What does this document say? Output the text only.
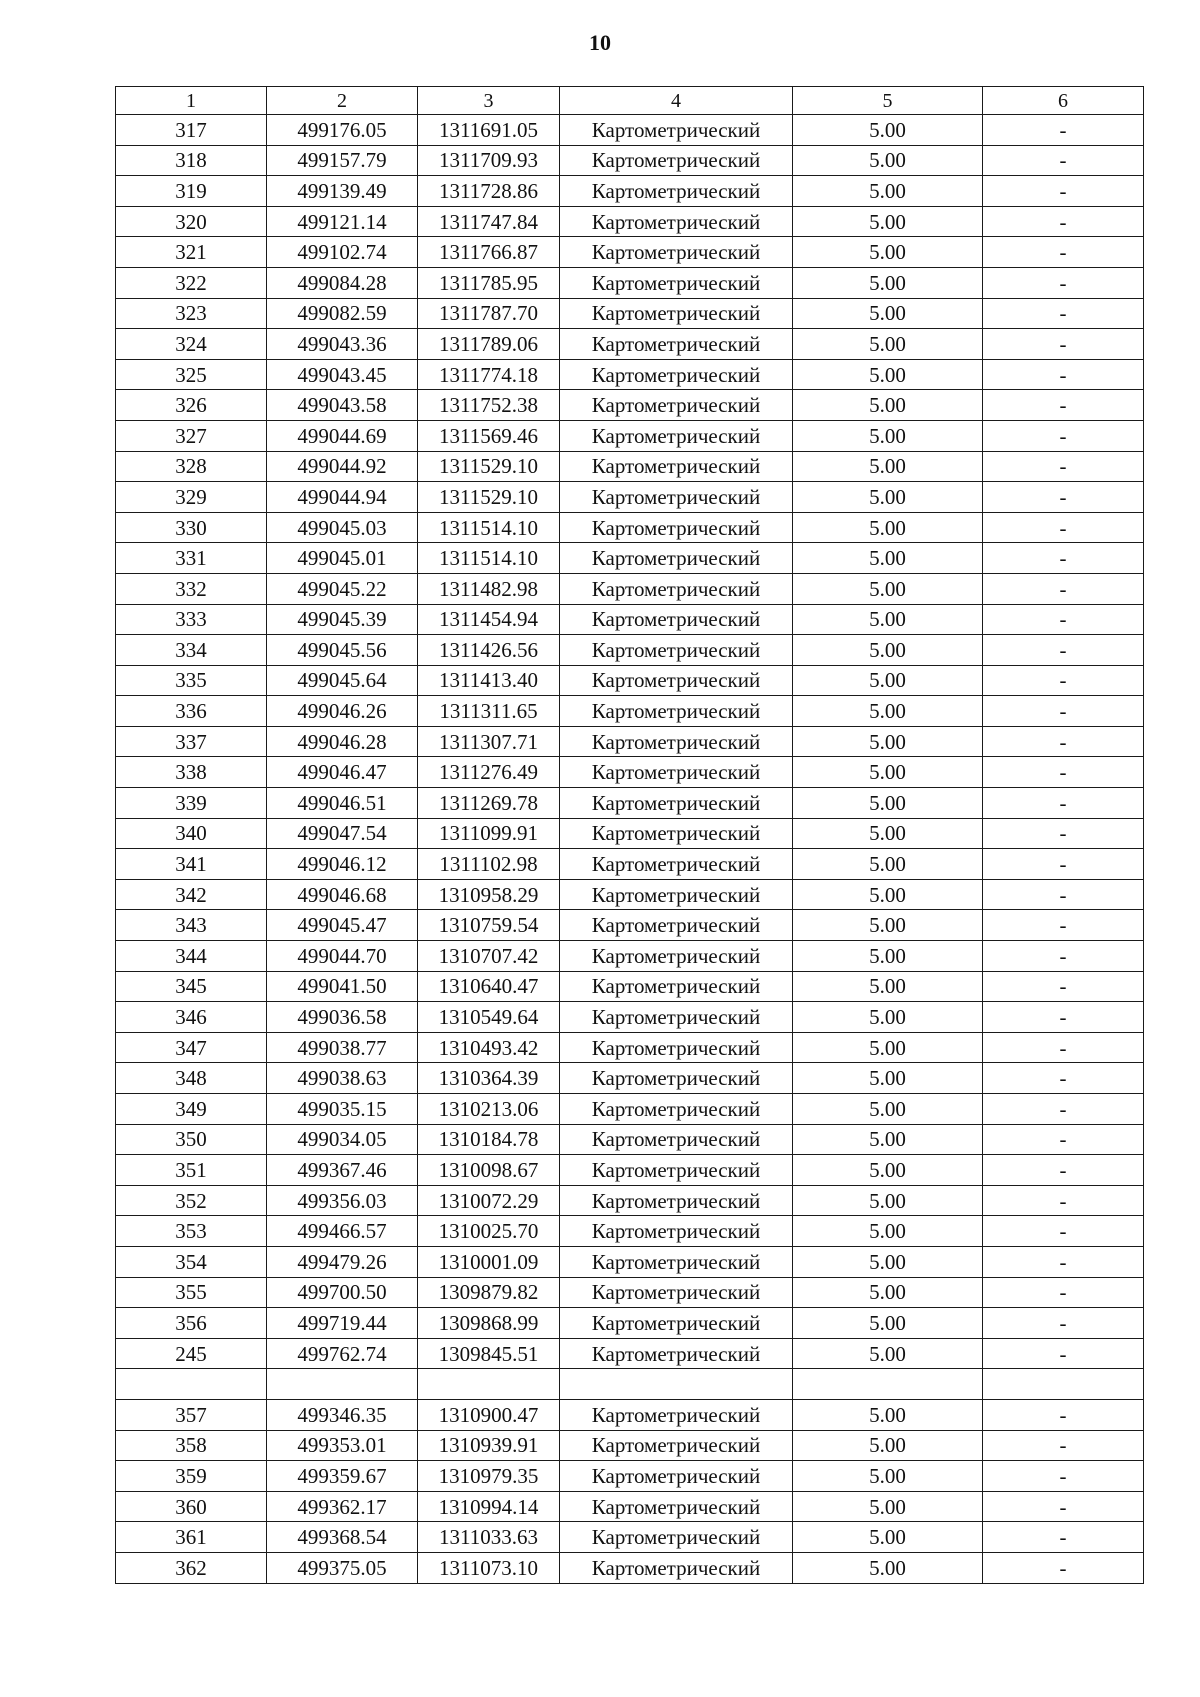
10
1	2	3	4	5	6
317	499176.05	1311691.05	Картометрический	5.00	-
318	499157.79	1311709.93	Картометрический	5.00	-
319	499139.49	1311728.86	Картометрический	5.00	-
320	499121.14	1311747.84	Картометрический	5.00	-
321	499102.74	1311766.87	Картометрический	5.00	-
322	499084.28	1311785.95	Картометрический	5.00	-
323	499082.59	1311787.70	Картометрический	5.00	-
324	499043.36	1311789.06	Картометрический	5.00	-
325	499043.45	1311774.18	Картометрический	5.00	-
326	499043.58	1311752.38	Картометрический	5.00	-
327	499044.69	1311569.46	Картометрический	5.00	-
328	499044.92	1311529.10	Картометрический	5.00	-
329	499044.94	1311529.10	Картометрический	5.00	-
330	499045.03	1311514.10	Картометрический	5.00	-
331	499045.01	1311514.10	Картометрический	5.00	-
332	499045.22	1311482.98	Картометрический	5.00	-
333	499045.39	1311454.94	Картометрический	5.00	-
334	499045.56	1311426.56	Картометрический	5.00	-
335	499045.64	1311413.40	Картометрический	5.00	-
336	499046.26	1311311.65	Картометрический	5.00	-
337	499046.28	1311307.71	Картометрический	5.00	-
338	499046.47	1311276.49	Картометрический	5.00	-
339	499046.51	1311269.78	Картометрический	5.00	-
340	499047.54	1311099.91	Картометрический	5.00	-
341	499046.12	1311102.98	Картометрический	5.00	-
342	499046.68	1310958.29	Картометрический	5.00	-
343	499045.47	1310759.54	Картометрический	5.00	-
344	499044.70	1310707.42	Картометрический	5.00	-
345	499041.50	1310640.47	Картометрический	5.00	-
346	499036.58	1310549.64	Картометрический	5.00	-
347	499038.77	1310493.42	Картометрический	5.00	-
348	499038.63	1310364.39	Картометрический	5.00	-
349	499035.15	1310213.06	Картометрический	5.00	-
350	499034.05	1310184.78	Картометрический	5.00	-
351	499367.46	1310098.67	Картометрический	5.00	-
352	499356.03	1310072.29	Картометрический	5.00	-
353	499466.57	1310025.70	Картометрический	5.00	-
354	499479.26	1310001.09	Картометрический	5.00	-
355	499700.50	1309879.82	Картометрический	5.00	-
356	499719.44	1309868.99	Картометрический	5.00	-
245	499762.74	1309845.51	Картометрический	5.00	-

357	499346.35	1310900.47	Картометрический	5.00	-
358	499353.01	1310939.91	Картометрический	5.00	-
359	499359.67	1310979.35	Картометрический	5.00	-
360	499362.17	1310994.14	Картометрический	5.00	-
361	499368.54	1311033.63	Картометрический	5.00	-
362	499375.05	1311073.10	Картометрический	5.00	-
